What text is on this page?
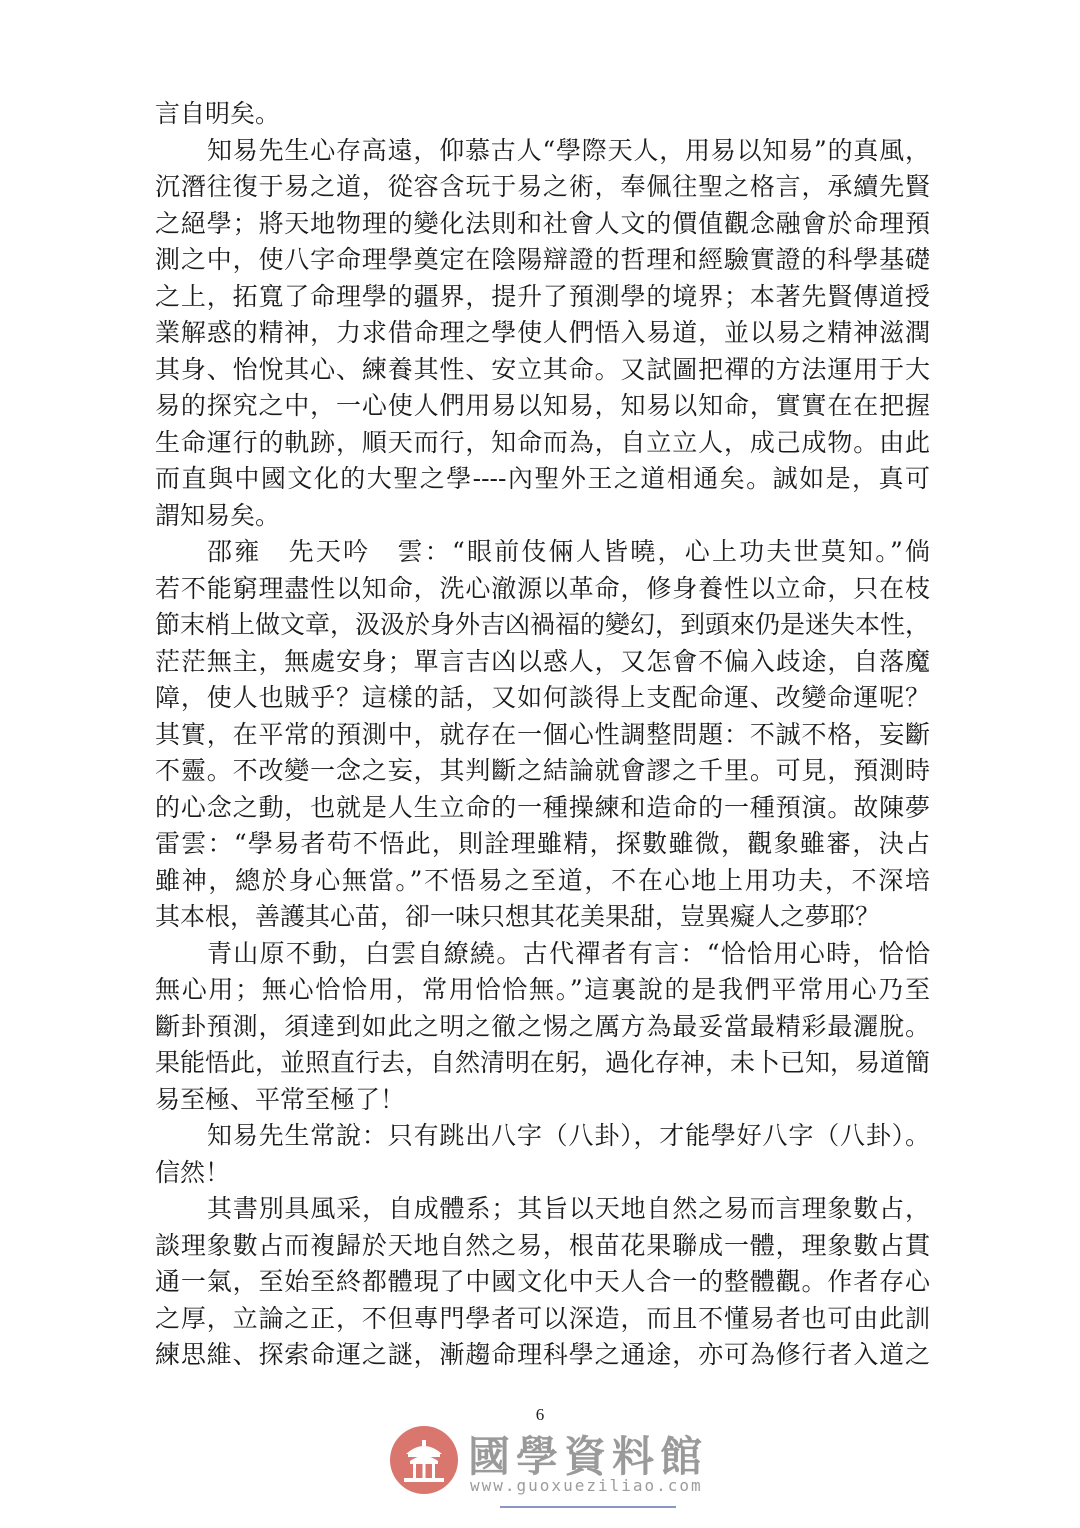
言自明矣。
知易先生心存高遠，仰慕古人“學際天人，用易以知易”的真風，
沉潛往復于易之道，從容含玩于易之術，奉佩往聖之格言，承續先賢
之絕學；將天地物理的變化法則和社會人文的價值觀念融會於命理預
測之中，使八字命理學奠定在陰陽辯證的哲理和經驗實證的科學基礎
之上，拓寬了命理學的疆界，提升了預測學的境界；本著先賢傳道授
業解惑的精神，力求借命理之學使人們悟入易道，並以易之精神滋潤
其身、怡悅其心、練養其性、安立其命。又試圖把禪的方法運用于大
易的探究之中，一心使人們用易以知易，知易以知命，實實在在把握
生命運行的軌跡，順天而行，知命而為，自立立人，成己成物。由此
而直與中國文化的大聖之學----內聖外王之道相通矣。誠如是，真可
謂知易矣。
邵雍　先天吟　雲：“眼前伎倆人皆曉，心上功夫世莫知。”倘
若不能窮理盡性以知命，洗心澈源以革命，修身養性以立命，只在枝
節末梢上做文章，汲汲於身外吉凶禍福的變幻，到頭來仍是迷失本性，
茫茫無主，無處安身；單言吉凶以惑人，又怎會不偏入歧途，自落魔
障，使人也賊乎？這樣的話，又如何談得上支配命運、改變命運呢？
其實，在平常的預測中，就存在一個心性調整問題：不誠不格，妄斷
不靈。不改變一念之妄，其判斷之結論就會謬之千里。可見，預測時
的心念之動，也就是人生立命的一種操練和造命的一種預演。故陳夢
雷雲：“學易者苟不悟此，則詮理雖精，探數雖微，觀象雖審，決占
雖神，總於身心無當。”不悟易之至道，不在心地上用功夫，不深培
其本根，善護其心苗，卻一味只想其花美果甜，豈異癡人之夢耶？
青山原不動，白雲自繚繞。古代禪者有言：“恰恰用心時，恰恰
無心用；無心恰恰用，常用恰恰無。”這裏說的是我們平常用心乃至
斷卦預測，須達到如此之明之徹之惕之厲方為最妥當最精彩最灑脫。
果能悟此，並照直行去，自然清明在躬，過化存神，未卜已知，易道簡
易至極、平常至極了！
知易先生常說：只有跳出八字（八卦），才能學好八字（八卦）。
信然！
其書別具風采，自成體系；其旨以天地自然之易而言理象數占，
談理象數占而複歸於天地自然之易，根苗花果聯成一體，理象數占貫
通一氣，至始至終都體現了中國文化中天人合一的整體觀。作者存心
之厚，立論之正，不但專門學者可以深造，而且不懂易者也可由此訓
練思維、探索命運之謎，漸趨命理科學之通途，亦可為修行者入道之
6
國學資料館
www.guoxueziliao.com
